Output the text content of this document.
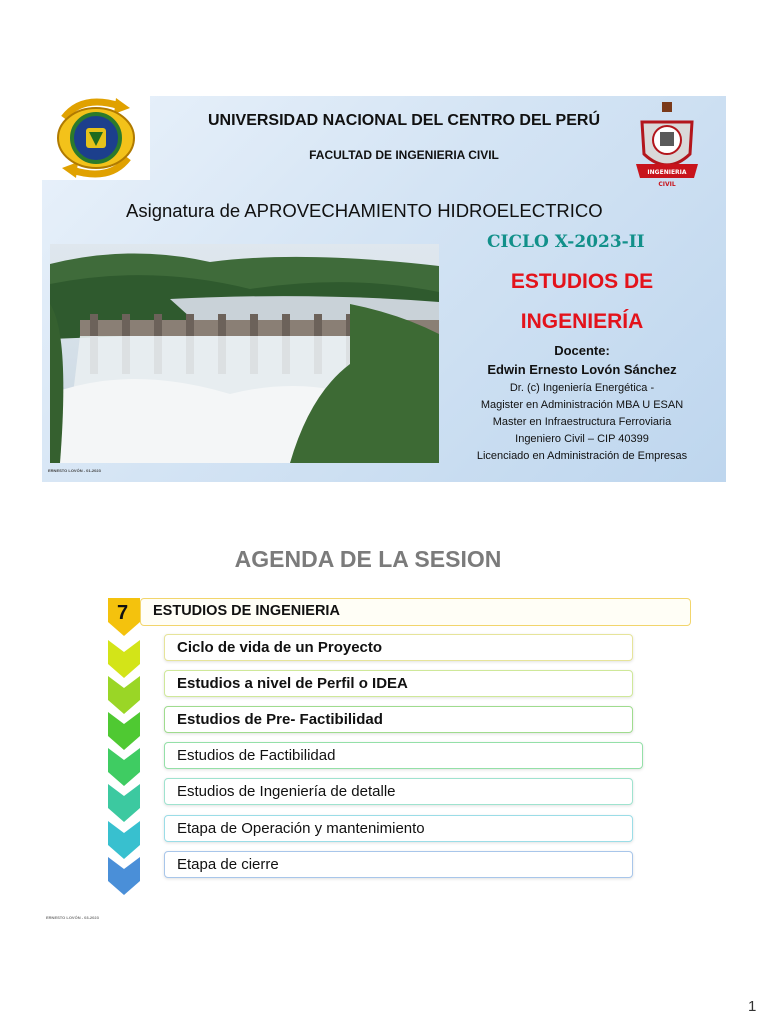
INGENIERIA
CIVIL
UNIVERSIDAD NACIONAL DEL CENTRO DEL PERÚ
FACULTAD DE INGENIERIA CIVIL
Asignatura de APROVECHAMIENTO HIDROELECTRICO
CICLO X-2023-II
ESTUDIOS DE
INGENIERÍA
Docente:
Edwin Ernesto Lovón Sánchez
Dr. (c) Ingeniería Energética -
Magister en Administración MBA U ESAN
Master en Infraestructura Ferroviaria
Ingeniero Civil – CIP 40399
Licenciado en Administración de Empresas
ERNESTO LOVÓN - 01-2023
AGENDA DE LA SESION
7 ESTUDIOS DE INGENIERIA
Ciclo de vida de un Proyecto
Estudios a nivel de Perfil o IDEA
Estudios de Pre- Factibilidad
Estudios de Factibilidad
Estudios de Ingeniería de detalle
Etapa de Operación y mantenimiento
Etapa de cierre
ERNESTO LOVÓN - 03-2023
1
